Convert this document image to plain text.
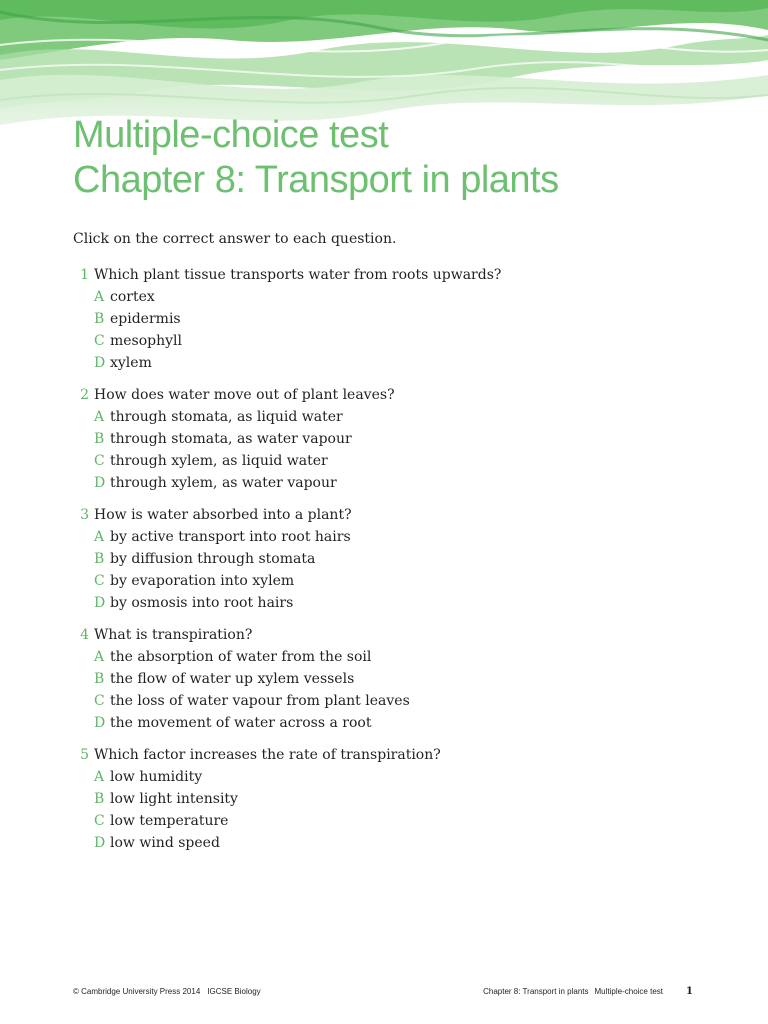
Multiple-choice test
Chapter 8: Transport in plants
Click on the correct answer to each question.
1 Which plant tissue transports water from roots upwards?
A cortex
B epidermis
C mesophyll
D xylem
2 How does water move out of plant leaves?
A through stomata, as liquid water
B through stomata, as water vapour
C through xylem, as liquid water
D through xylem, as water vapour
3 How is water absorbed into a plant?
A by active transport into root hairs
B by diffusion through stomata
C by evaporation into xylem
D by osmosis into root hairs
4 What is transpiration?
A the absorption of water from the soil
B the flow of water up xylem vessels
C the loss of water vapour from plant leaves
D the movement of water across a root
5 Which factor increases the rate of transpiration?
A low humidity
B low light intensity
C low temperature
D low wind speed
© Cambridge University Press 2014 IGCSE Biology	Chapter 8: Transport in plants Multiple-choice test 1
